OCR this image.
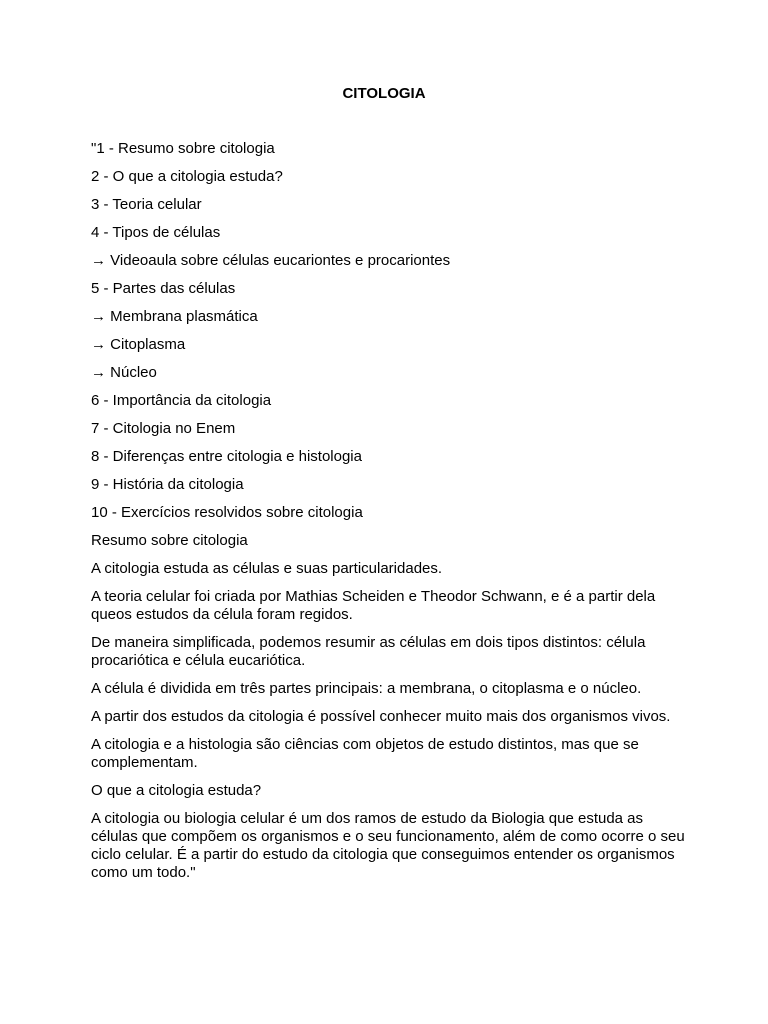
CITOLOGIA

"1 - Resumo sobre citologia

2 - O que a citologia estuda?

3 - Teoria celular

4 - Tipos de células

→ Videoaula sobre células eucariontes e procariontes

5 - Partes das células

→ Membrana plasmática

→ Citoplasma

→ Núcleo

6 - Importância da citologia

7 - Citologia no Enem

8 - Diferenças entre citologia e histologia

9 - História da citologia

10 - Exercícios resolvidos sobre citologia

Resumo sobre citologia

A citologia estuda as células e suas particularidades.

A teoria celular foi criada por Mathias Scheiden e Theodor Schwann, e é a partir dela queos estudos da célula foram regidos.

De maneira simplificada, podemos resumir as células em dois tipos distintos: célula procariótica e célula eucariótica.

A célula é dividida em três partes principais: a membrana, o citoplasma e o núcleo.

A partir dos estudos da citologia é possível conhecer muito mais dos organismos vivos.

A citologia e a histologia são ciências com objetos de estudo distintos, mas que se complementam.

O que a citologia estuda?

A citologia ou biologia celular é um dos ramos de estudo da Biologia que estuda as células que compõem os organismos e o seu funcionamento, além de como ocorre o seu ciclo celular. É a partir do estudo da citologia que conseguimos entender os organismos como um todo."
